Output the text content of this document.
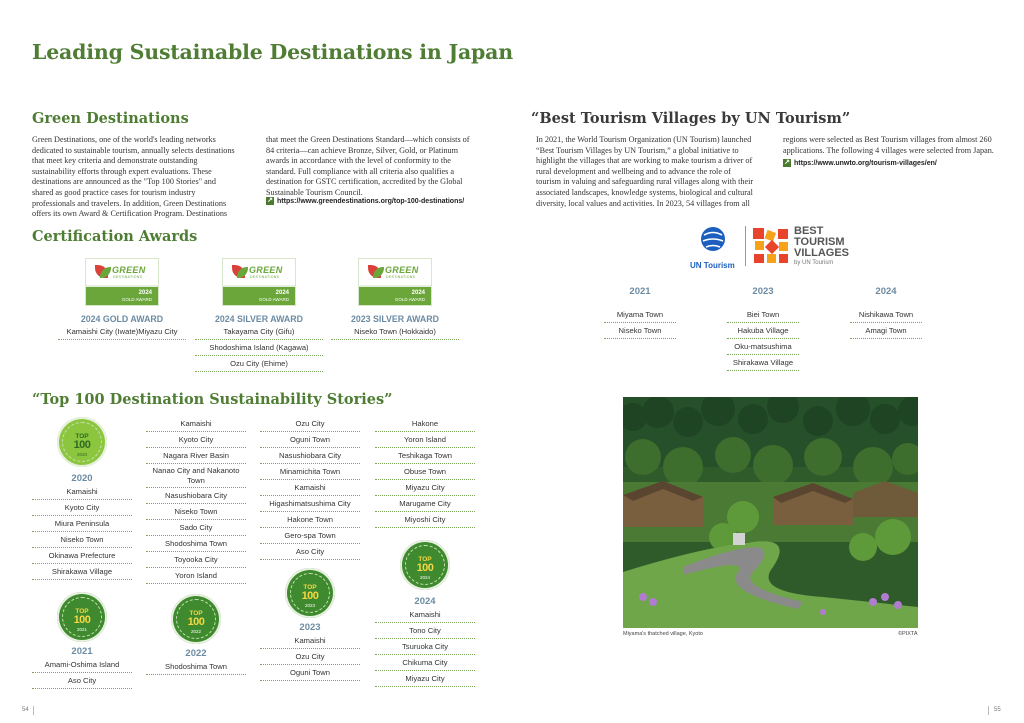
Leading Sustainable Destinations in Japan
Green Destinations
Green Destinations, one of the world's leading networks
dedicated to sustainable tourism, annually selects destinations
that meet key criteria and demonstrate outstanding
sustainability efforts through expert evaluations. These
destinations are announced as the "Top 100 Stories" and
shared as good practice cases for tourism industry
professionals and travelers. In addition, Green Destinations
offers its own Award & Certification Program. Destinations
that meet the Green Destinations Standard—which consists of
84 criteria—can achieve Bronze, Silver, Gold, or Platinum
awards in accordance with the level of conformity to the
standard. Full compliance with all criteria also qualifies a
destination for GSTC certification, accredited by the Global
Sustainable Tourism Council.
↗ https://www.greendestinations.org/top-100-destinations/
“Best Tourism Villages by UN Tourism”
In 2021, the World Tourism Organization (UN Tourism) launched
“Best Tourism Villages by UN Tourism,” a global initiative to
highlight the villages that are working to make tourism a driver of
rural development and wellbeing and to advance the role of
tourism in valuing and safeguarding rural villages along with their
associated landscapes, knowledge systems, biological and cultural
diversity, local values and activities. In 2023, 54 villages from all
regions were selected as Best Tourism villages from almost 260
applications. The following 4 villages were selected from Japan.
↗ https://www.unwto.org/tourism-villages/en/
UN Tourism
BEST
TOURISM
VILLAGES
by UN Tourism
2021
Miyama Town
Niseko Town
2023
Biei Town
Hakuba Village
Oku-matsushima
Shirakawa Village
2024
Nishikawa Town
Amagi Town
Certification Awards
GREEN
DESTINATIONS
2024
GOLD AWARD
2024 GOLD AWARD
Kamaishi City (Iwate)Miyazu City
GREEN
DESTINATIONS
2024
GOLD AWARD
2024 SILVER AWARD
Takayama City (Gifu)
Shodoshima Island (Kagawa)
Ozu City (Ehime)
GREEN
DESTINATIONS
2024
GOLD AWARD
2023 SILVER AWARD
Niseko Town (Hokkaido)
“Top 100 Destination Sustainability Stories”
TOP
100
2020
2020
Kamaishi
Kyoto City
Miura Peninsula
Niseko Town
Okinawa Prefecture
Shirakawa Village
TOP
100
2021
2021
Amami-Oshima Island
Aso City
Kamaishi
Kyoto City
Nagara River Basin
Nanao City and Nakanoto Town
Nasushiobara City
Niseko Town
Sado City
Shodoshima Town
Toyooka City
Yoron Island
TOP
100
2022
2022
Shodoshima Town
Ozu City
Oguni Town
Nasushiobara City
Minamichita Town
Kamaishi
Higashimatsushima City
Hakone Town
Gero-spa Town
Aso City
TOP
100
2023
2023
Kamaishi
Ozu City
Oguni Town
Hakone
Yoron Island
Teshikaga Town
Obuse Town
Miyazu City
Marugame City
Miyoshi City
TOP
100
2024
2024
Kamaishi
Tono City
Tsuruoka City
Chikuma City
Miyazu City
Miyama's thatched village, Kyoto	©PIXTA
54	55
